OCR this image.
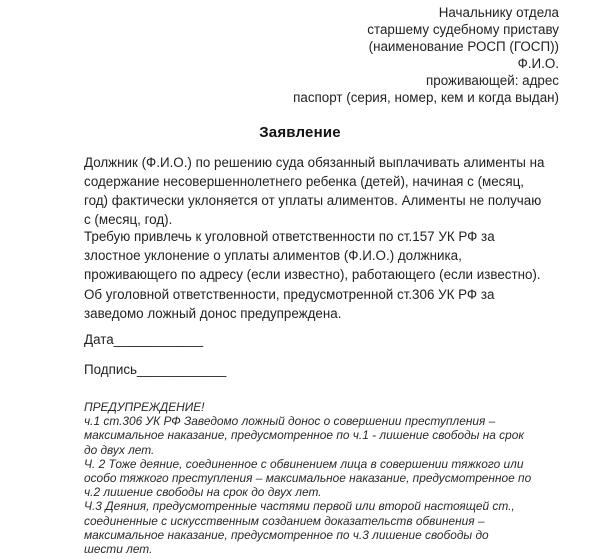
Начальнику отдела
старшему судебному приставу
(наименование РОСП (ГОСП))
Ф.И.О.
проживающей: адрес
паспорт (серия, номер, кем и когда выдан)
Заявление
Должник (Ф.И.О.) по решению суда обязанный выплачивать алименты на
содержание несовершеннолетнего ребенка (детей), начиная с (месяц,
год) фактически уклоняется от уплаты алиментов. Алименты не получаю
с (месяц, год).
Требую привлечь к уголовной ответственности по ст.157 УК РФ за
злостное уклонение о уплаты алиментов (Ф.И.О.) должника,
проживающего по адресу (если известно), работающего (если известно).
Об уголовной ответственности, предусмотренной ст.306 УК РФ за
заведомо ложный донос предупреждена.
Дата____________
Подпись____________
ПРЕДУПРЕЖДЕНИЕ!
ч.1 ст.306 УК РФ Заведомо ложный донос о совершении преступления –
максимальное наказание, предусмотренное по ч.1 - лишение свободы на срок
до двух лет.
Ч. 2 Тоже деяние, соединенное с обвинением лица в совершении тяжкого или
особо тяжкого преступления – максимальное наказание, предусмотренное по
ч.2 лишение свободы на срок до двух лет.
Ч.3 Деяния, предусмотренные частями первой или второй настоящей ст.,
соединенные с искусственным созданием доказательств обвинения –
максимальное наказание, предусмотренное по ч.3 лишение свободы до
шести лет.
